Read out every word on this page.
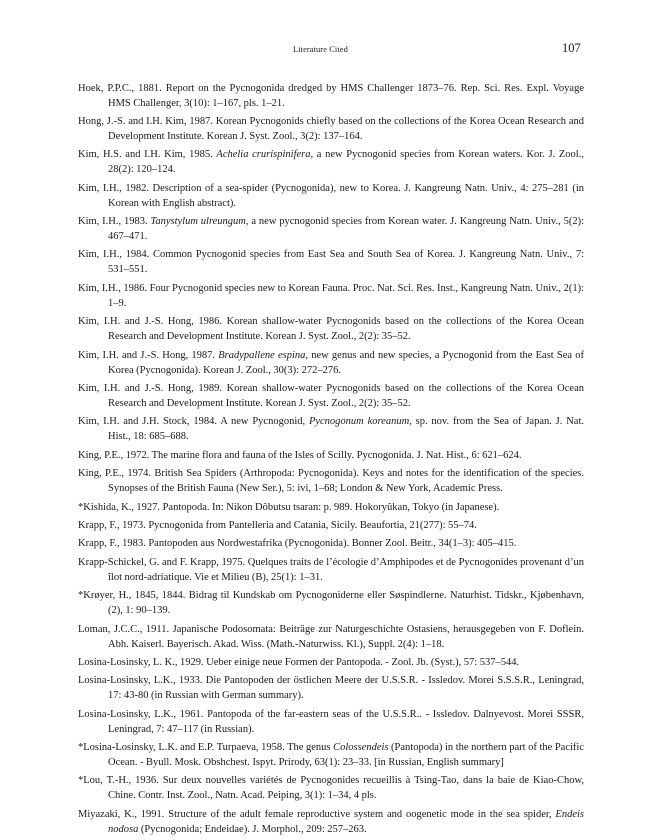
Literature Cited	107

Hoek, P.P.C., 1881. Report on the Pycnogonida dredged by HMS Challenger 1873–76. Rep. Sci. Res. Expl. Voyage HMS Challenger, 3(10): 1–167, pls. 1–21.

Hong, J.-S. and I.H. Kim, 1987. Korean Pycnogonids chiefly based on the collections of the Korea Ocean Research and Development Institute. Korean J. Syst. Zool., 3(2): 137–164.

Kim, H.S. and I.H. Kim, 1985. Achelia crurispinifera, a new Pycnogonid species from Korean waters. Kor. J. Zool., 28(2): 120–124.

Kim, I.H., 1982. Description of a sea-spider (Pycnogonida), new to Korea. J. Kangreung Natn. Univ., 4: 275–281 (in Korean with English abstract).

Kim, I.H., 1983. Tanystylum ulreungum, a new pycnogonid species from Korean water. J. Kangreung Natn. Univ., 5(2): 467–471.

Kim, I.H., 1984. Common Pycnogonid species from East Sea and South Sea of Korea. J. Kangreung Natn. Univ., 7: 531–551.

Kim, I.H., 1986. Four Pycnogonid species new to Korean Fauna. Proc. Nat. Sci. Res. Inst., Kangreung Natn. Univ., 2(1): 1–9.

Kim, I.H. and J.-S. Hong, 1986. Korean shallow-water Pycnogonids based on the collections of the Korea Ocean Research and Development Institute. Korean J. Syst. Zool., 2(2): 35–52.

Kim, I.H. and J.-S. Hong, 1987. Bradypallene espina, new genus and new species, a Pycnogonid from the East Sea of Korea (Pycnogonida). Korean J. Zool., 30(3): 272–276.

Kim, I.H. and J.-S. Hong, 1989. Korean shallow-water Pycnogonids based on the collections of the Korea Ocean Research and Development Institute. Korean J. Syst. Zool., 2(2): 35–52.

Kim, I.H. and J.H. Stock, 1984. A new Pycnogonid, Pycnogonum koreanum, sp. nov. from the Sea of Japan. J. Nat. Hist., 18: 685–688.

King, P.E., 1972. The marine flora and fauna of the Isles of Scilly. Pycnogonida. J. Nat. Hist., 6: 621–624.

King, P.E., 1974. British Sea Spiders (Arthropoda: Pycnogonida). Keys and notes for the identification of the species. Synopses of the British Fauna (New Ser.), 5: ivi, 1–68; London & New York, Academic Press.

*Kishida, K., 1927. Pantopoda. In: Nikon Dôbutsu tsaran: p. 989. Hokoryûkan, Tokyo (in Japanese).

Krapp, F., 1973. Pycnogonida from Pantelleria and Catania, Sicily. Beaufortia, 21(277): 55–74.

Krapp, F., 1983. Pantopoden aus Nordwestafrika (Pycnogonida). Bonner Zool. Beitr., 34(1–3): 405–415.

Krapp-Schickel, G. and F. Krapp, 1975. Quelques traits de l’écologie d’Amphipodes et de Pycnogonides provenant d’un îlot nord-adriatique. Vie et Milieu (B), 25(1): 1–31.

*Krøyer, H., 1845, 1844. Bidrag til Kundskab om Pycnogoniderne eller Søspindlerne. Naturhist. Tidskr., Kjøbenhavn, (2), 1: 90–139.

Loman, J.C.C., 1911. Japanische Podosomata: Beiträge zur Naturgeschichte Ostasiens, herausgegeben von F. Doflein. Abh. Kaiserl. Bayerisch. Akad. Wiss. (Math.-Naturwiss. Kl.), Suppl. 2(4): 1–18.

Losina-Losinsky, L. K., 1929. Ueber einige neue Formen der Pantopoda. - Zool. Jb. (Syst.), 57: 537–544.

Losina-Losinsky, L.K., 1933. Die Pantopoden der östlichen Meere der U.S.S.R. - Issledov. Morei S.S.S.R., Leningrad, 17: 43-80 (in Russian with German summary).

Losina-Losinsky, L.K., 1961. Pantopoda of the far-eastern seas of the U.S.S.R.. - Issledov. Dalnyevost. Morei SSSR, Leningrad, 7: 47–117 (in Russian).

*Losina-Losinsky, L.K. and E.P. Turpaeva, 1958. The genus Colossendeis (Pantopoda) in the northern part of the Pacific Ocean. - Byull. Mosk. Obshchest. Ispyt. Prirody, 63(1): 23–33. [in Russian, English summary]

*Lou, T.-H., 1936. Sur deux nouvelles variétés de Pycnogonides recueillis à Tsing-Tao, dans la baie de Kiao-Chow, Chine. Contr. Inst. Zool., Natn. Acad. Peiping, 3(1): 1–34, 4 pls.

Miyazaki, K., 1991. Structure of the adult female reproductive system and oogenetic mode in the sea spider, Endeis nodosa (Pycnogonida; Endeidae). J. Morphol., 209: 257–263.
